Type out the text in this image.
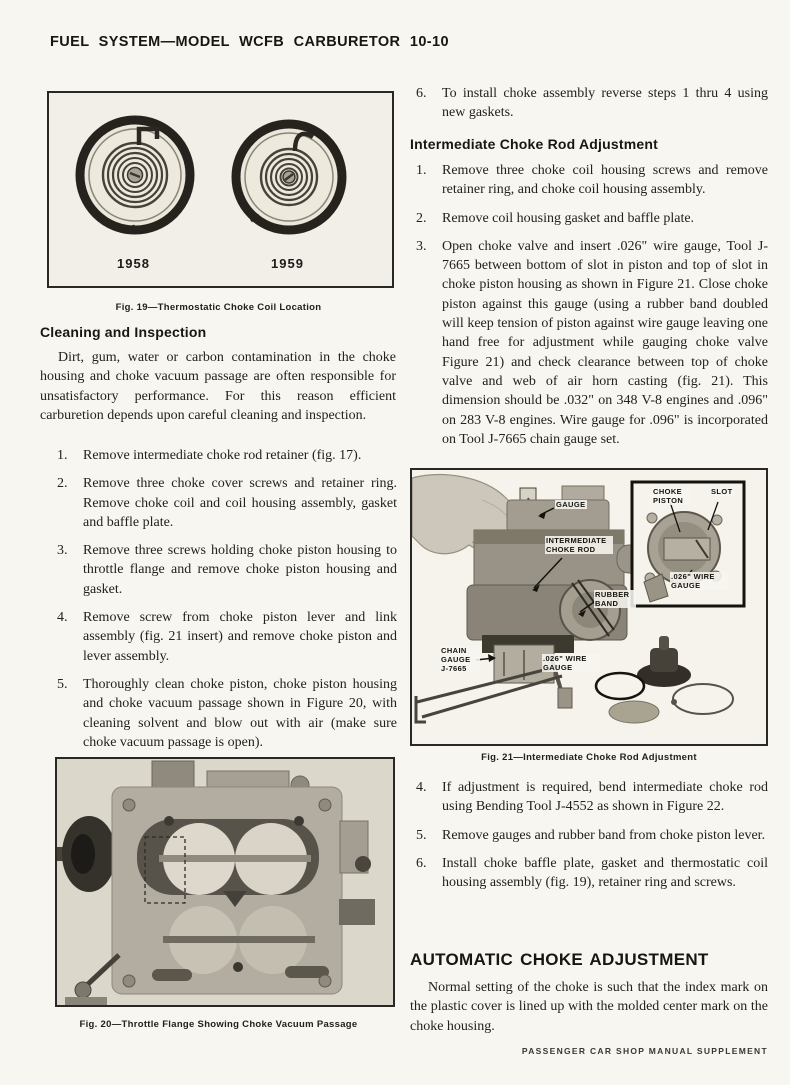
FUEL SYSTEM—MODEL WCFB CARBURETOR 10-10
1958	1959
Fig. 19—Thermostatic Choke Coil Location
Cleaning and Inspection
Dirt, gum, water or carbon contamination in the choke housing and choke vacuum passage are often responsible for unsatisfactory performance. For this reason efficient carburetion depends upon careful cleaning and inspection.
1. Remove intermediate choke rod retainer (fig. 17).
2. Remove three choke cover screws and retainer ring. Remove choke coil and coil housing assembly, gasket and baffle plate.
3. Remove three screws holding choke piston housing to throttle flange and remove choke piston housing and gasket.
4. Remove screw from choke piston lever and link assembly (fig. 21 insert) and remove choke piston and lever assembly.
5. Thoroughly clean choke piston, choke piston housing and choke vacuum passage shown in Figure 20, with cleaning solvent and blow out with air (make sure choke vacuum passage is open).
Fig. 20—Throttle Flange Showing Choke Vacuum Passage
6. To install choke assembly reverse steps 1 thru 4 using new gaskets.
Intermediate Choke Rod Adjustment
1. Remove three choke coil housing screws and remove retainer ring, and choke coil housing assembly.
2. Remove coil housing gasket and baffle plate.
3. Open choke valve and insert .026" wire gauge, Tool J-7665 between bottom of slot in piston and top of slot in choke piston housing as shown in Figure 21. Close choke piston against this gauge (using a rubber band doubled will keep tension of piston against wire gauge leaving one hand free for adjustment while gauging choke valve Figure 21) and check clearance between top of choke valve and web of air horn casting (fig. 21). This dimension should be .032" on 348 V-8 engines and .096" on 283 V-8 engines. Wire gauge for .096" is incorporated on Tool J-7665 chain gauge set.
GAUGE
INTERMEDIATE CHOKE ROD
RUBBER BAND
CHAIN GAUGE J-7665
.026" WIRE GAUGE
CHOKE PISTON
SLOT
.026" WIRE GAUGE
Fig. 21—Intermediate Choke Rod Adjustment
4. If adjustment is required, bend intermediate choke rod using Bending Tool J-4552 as shown in Figure 22.
5. Remove gauges and rubber band from choke piston lever.
6. Install choke baffle plate, gasket and thermostatic coil housing assembly (fig. 19), retainer ring and screws.
AUTOMATIC CHOKE ADJUSTMENT
Normal setting of the choke is such that the index mark on the plastic cover is lined up with the molded center mark on the choke housing.
PASSENGER CAR SHOP MANUAL SUPPLEMENT
